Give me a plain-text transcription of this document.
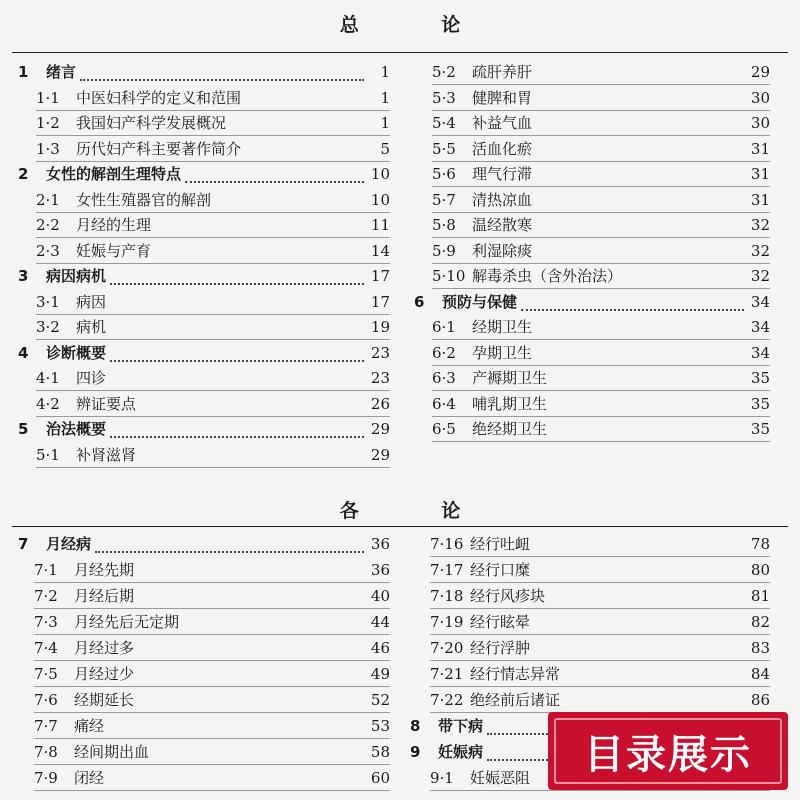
总 论
1	绪言	1
1·1	中医妇科学的定义和范围	1
1·2	我国妇产科学发展概况	1
1·3	历代妇产科主要著作简介	5
2	女性的解剖生理特点	10
2·1	女性生殖器官的解剖	10
2·2	月经的生理	11
2·3	妊娠与产育	14
3	病因病机	17
3·1	病因	17
3·2	病机	19
4	诊断概要	23
4·1	四诊	23
4·2	辨证要点	26
5	治法概要	29
5·1	补肾滋肾	29
5·2	疏肝养肝	29
5·3	健脾和胃	30
5·4	补益气血	30
5·5	活血化瘀	31
5·6	理气行滞	31
5·7	清热凉血	31
5·8	温经散寒	32
5·9	利湿除痰	32
5·10 解毒杀虫（含外治法）	32
6	预防与保健	34
6·1	经期卫生	34
6·2	孕期卫生	34
6·3	产褥期卫生	35
6·4	哺乳期卫生	35
6·5	绝经期卫生	35
各 论
7	月经病	36
7·1	月经先期	36
7·2	月经后期	40
7·3	月经先后无定期	44
7·4	月经过多	46
7·5	月经过少	49
7·6	经期延长	52
7·7	痛经	53
7·8	经间期出血	58
7·9	闭经	60
7·16 经行吐衄	78
7·17 经行口糜	80
7·18 经行风疹块	81
7·19 经行眩晕	82
7·20 经行浮肿	83
7·21 经行情志异常	84
7·22 绝经前后诸证	86
8	带下病
9	妊娠病
9·1	妊娠恶阻
目录展示
